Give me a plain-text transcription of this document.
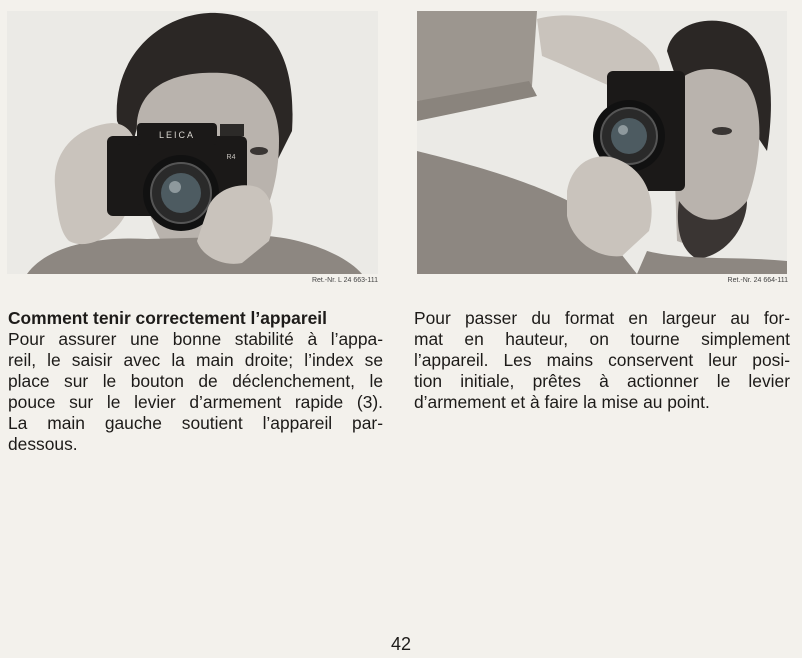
LEICA
R4
Ret.-Nr. L 24 663-111	Ret.-Nr. 24 664-111
Comment tenir correctement l’appareil
Pour assurer une bonne stabilité à l’appa-
reil, le saisir avec la main droite; l’index se
place sur le bouton de déclenchement, le
pouce sur le levier d’armement rapide (3).
La main gauche soutient l’appareil par-
dessous.
Pour passer du format en largeur au for-
mat en hauteur, on tourne simplement
l’appareil. Les mains conservent leur posi-
tion initiale, prêtes à actionner le levier
d’armement et à faire la mise au point.
42
